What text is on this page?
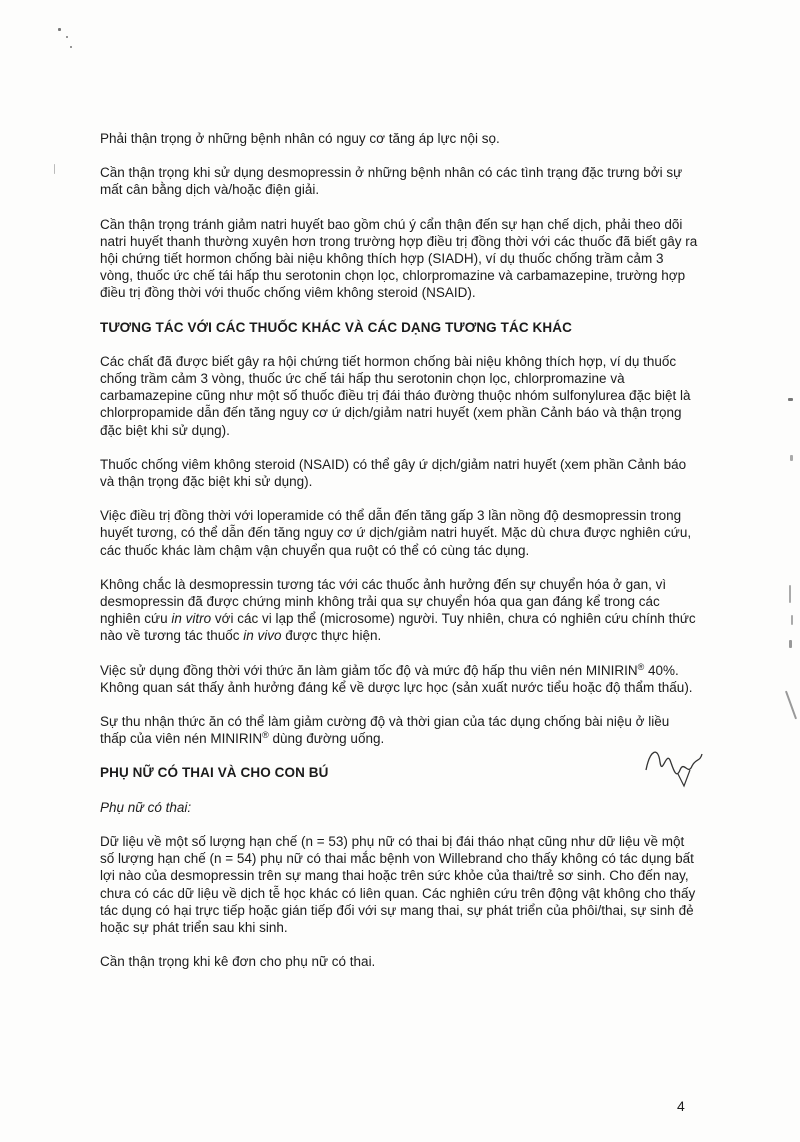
Phải thận trọng ở những bệnh nhân có nguy cơ tăng áp lực nội sọ.

Cần thận trọng khi sử dụng desmopressin ở những bệnh nhân có các tình trạng đặc trưng bởi sự mất cân bằng dịch và/hoặc điện giải.

Cần thận trọng tránh giảm natri huyết bao gồm chú ý cẩn thận đến sự hạn chế dịch, phải theo dõi natri huyết thanh thường xuyên hơn trong trường hợp điều trị đồng thời với các thuốc đã biết gây ra hội chứng tiết hormon chống bài niệu không thích hợp (SIADH), ví dụ thuốc chống trầm cảm 3 vòng, thuốc ức chế tái hấp thu serotonin chọn lọc, chlorpromazine và carbamazepine, trường hợp điều trị đồng thời với thuốc chống viêm không steroid (NSAID).

TƯƠNG TÁC VỚI CÁC THUỐC KHÁC VÀ CÁC DẠNG TƯƠNG TÁC KHÁC

Các chất đã được biết gây ra hội chứng tiết hormon chống bài niệu không thích hợp, ví dụ thuốc chống trầm cảm 3 vòng, thuốc ức chế tái hấp thu serotonin chọn lọc, chlorpromazine và carbamazepine cũng như một số thuốc điều trị đái tháo đường thuộc nhóm sulfonylurea đặc biệt là chlorpropamide dẫn đến tăng nguy cơ ứ dịch/giảm natri huyết (xem phần Cảnh báo và thận trọng đặc biệt khi sử dụng).

Thuốc chống viêm không steroid (NSAID) có thể gây ứ dịch/giảm natri huyết (xem phần Cảnh báo và thận trọng đặc biệt khi sử dụng).

Việc điều trị đồng thời với loperamide có thể dẫn đến tăng gấp 3 lần nồng độ desmopressin trong huyết tương, có thể dẫn đến tăng nguy cơ ứ dịch/giảm natri huyết. Mặc dù chưa được nghiên cứu, các thuốc khác làm chậm vận chuyển qua ruột có thể có cùng tác dụng.

Không chắc là desmopressin tương tác với các thuốc ảnh hưởng đến sự chuyển hóa ở gan, vì desmopressin đã được chứng minh không trải qua sự chuyển hóa qua gan đáng kể trong các nghiên cứu in vitro với các vi lạp thể (microsome) người. Tuy nhiên, chưa có nghiên cứu chính thức nào về tương tác thuốc in vivo được thực hiện.

Việc sử dụng đồng thời với thức ăn làm giảm tốc độ và mức độ hấp thu viên nén MINIRIN® 40%. Không quan sát thấy ảnh hưởng đáng kể về dược lực học (sản xuất nước tiểu hoặc độ thẩm thấu).

Sự thu nhận thức ăn có thể làm giảm cường độ và thời gian của tác dụng chống bài niệu ở liều thấp của viên nén MINIRIN® dùng đường uống.

PHỤ NỮ CÓ THAI VÀ CHO CON BÚ

Phụ nữ có thai:

Dữ liệu về một số lượng hạn chế (n = 53) phụ nữ có thai bị đái tháo nhạt cũng như dữ liệu về một số lượng hạn chế (n = 54) phụ nữ có thai mắc bệnh von Willebrand cho thấy không có tác dụng bất lợi nào của desmopressin trên sự mang thai hoặc trên sức khỏe của thai/trẻ sơ sinh. Cho đến nay, chưa có các dữ liệu về dịch tễ học khác có liên quan. Các nghiên cứu trên động vật không cho thấy tác dụng có hại trực tiếp hoặc gián tiếp đối với sự mang thai, sự phát triển của phôi/thai, sự sinh đẻ hoặc sự phát triển sau khi sinh.

Cần thận trọng khi kê đơn cho phụ nữ có thai.

4
